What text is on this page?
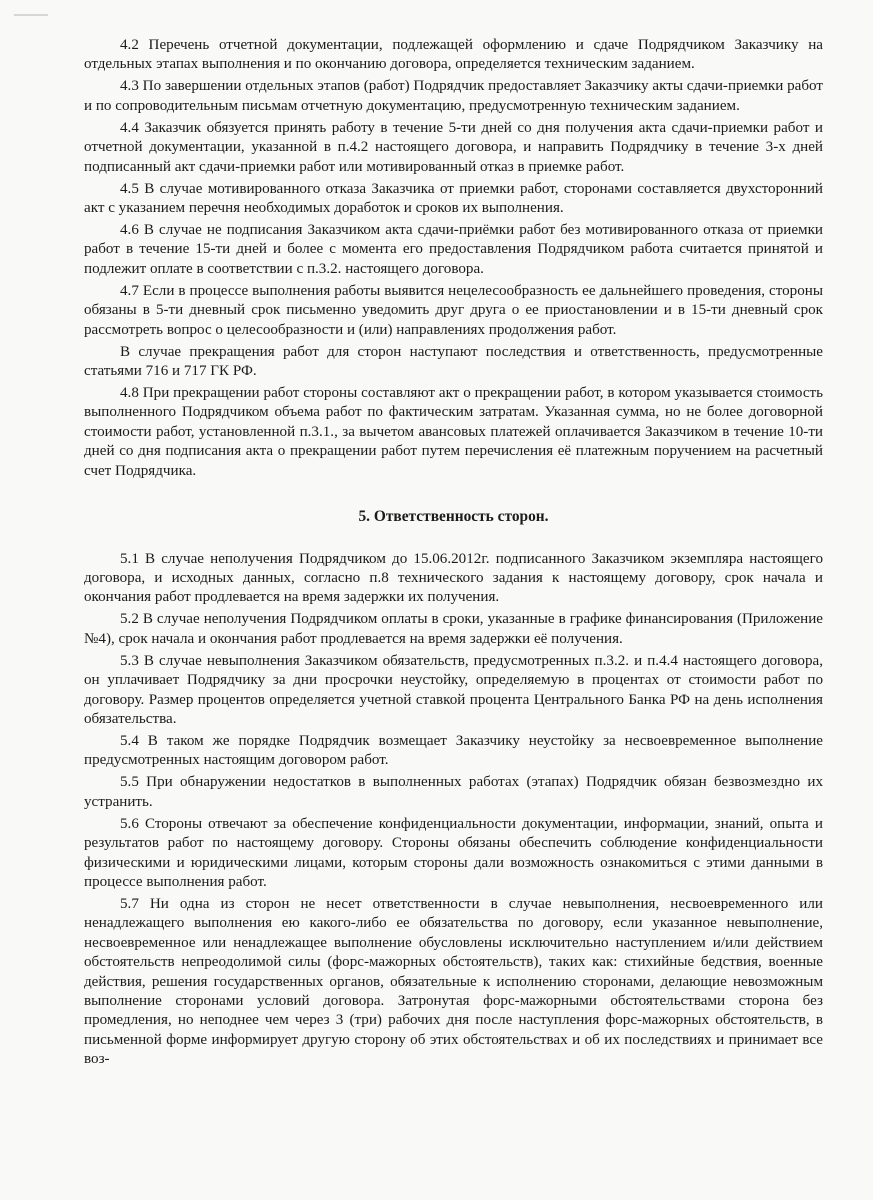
4.2 Перечень отчетной документации, подлежащей оформлению и сдаче Подрядчиком Заказчику на отдельных этапах выполнения и по окончанию договора, определяется техническим заданием.

4.3 По завершении отдельных этапов (работ) Подрядчик предоставляет Заказчику акты сдачи-приемки работ и по сопроводительным письмам отчетную документацию, предусмотренную техническим заданием.

4.4 Заказчик обязуется принять работу в течение 5-ти дней со дня получения акта сдачи-приемки работ и отчетной документации, указанной в п.4.2 настоящего договора, и направить Подрядчику в течение 3-х дней подписанный акт сдачи-приемки работ или мотивированный отказ в приемке работ.

4.5 В случае мотивированного отказа Заказчика от приемки работ, сторонами составляется двухсторонний акт с указанием перечня необходимых доработок и сроков их выполнения.

4.6 В случае не подписания Заказчиком акта сдачи-приёмки работ без мотивированного отказа от приемки работ в течение 15-ти дней и более с момента его предоставления Подрядчиком работа считается принятой и подлежит оплате в соответствии с п.3.2. настоящего договора.

4.7 Если в процессе выполнения работы выявится нецелесообразность ее дальнейшего проведения, стороны обязаны в 5-ти дневный срок письменно уведомить друг друга о ее приостановлении и в 15-ти дневный срок рассмотреть вопрос о целесообразности и (или) направлениях продолжения работ.

В случае прекращения работ для сторон наступают последствия и ответственность, предусмотренные статьями 716 и 717 ГК РФ.

4.8 При прекращении работ стороны составляют акт о прекращении работ, в котором указывается стоимость выполненного Подрядчиком объема работ по фактическим затратам. Указанная сумма, но не более договорной стоимости работ, установленной п.3.1., за вычетом авансовых платежей оплачивается Заказчиком в течение 10-ти дней со дня подписания акта о прекращении работ путем перечисления её платежным поручением на расчетный счет Подрядчика.

5. Ответственность сторон.

5.1 В случае неполучения Подрядчиком до 15.06.2012г. подписанного Заказчиком экземпляра настоящего договора, и исходных данных, согласно п.8 технического задания к настоящему договору, срок начала и окончания работ продлевается на время задержки их получения.

5.2 В случае неполучения Подрядчиком оплаты в сроки, указанные в графике финансирования (Приложение №4), срок начала и окончания работ продлевается на время задержки её получения.

5.3 В случае невыполнения Заказчиком обязательств, предусмотренных п.3.2. и п.4.4 настоящего договора, он уплачивает Подрядчику за дни просрочки неустойку, определяемую в процентах от стоимости работ по договору. Размер процентов определяется учетной ставкой процента Центрального Банка РФ на день исполнения обязательства.

5.4 В таком же порядке Подрядчик возмещает Заказчику неустойку за несвоевременное выполнение предусмотренных настоящим договором работ.

5.5 При обнаружении недостатков в выполненных работах (этапах) Подрядчик обязан безвозмездно их устранить.

5.6 Стороны отвечают за обеспечение конфиденциальности документации, информации, знаний, опыта и результатов работ по настоящему договору. Стороны обязаны обеспечить соблюдение конфиденциальности физическими и юридическими лицами, которым стороны дали возможность ознакомиться с этими данными в процессе выполнения работ.

5.7 Ни одна из сторон не несет ответственности в случае невыполнения, несвоевременного или ненадлежащего выполнения ею какого-либо ее обязательства по договору, если указанное невыполнение, несвоевременное или ненадлежащее выполнение обусловлены исключительно наступлением и/или действием обстоятельств непреодолимой силы (форс-мажорных обстоятельств), таких как: стихийные бедствия, военные действия, решения государственных органов, обязательные к исполнению сторонами, делающие невозможным выполнение сторонами условий договора. Затронутая форс-мажорными обстоятельствами сторона без промедления, но неподнее чем через 3 (три) рабочих дня после наступления форс-мажорных обстоятельств, в письменной форме информирует другую сторону об этих обстоятельствах и об их последствиях и принимает все воз-
